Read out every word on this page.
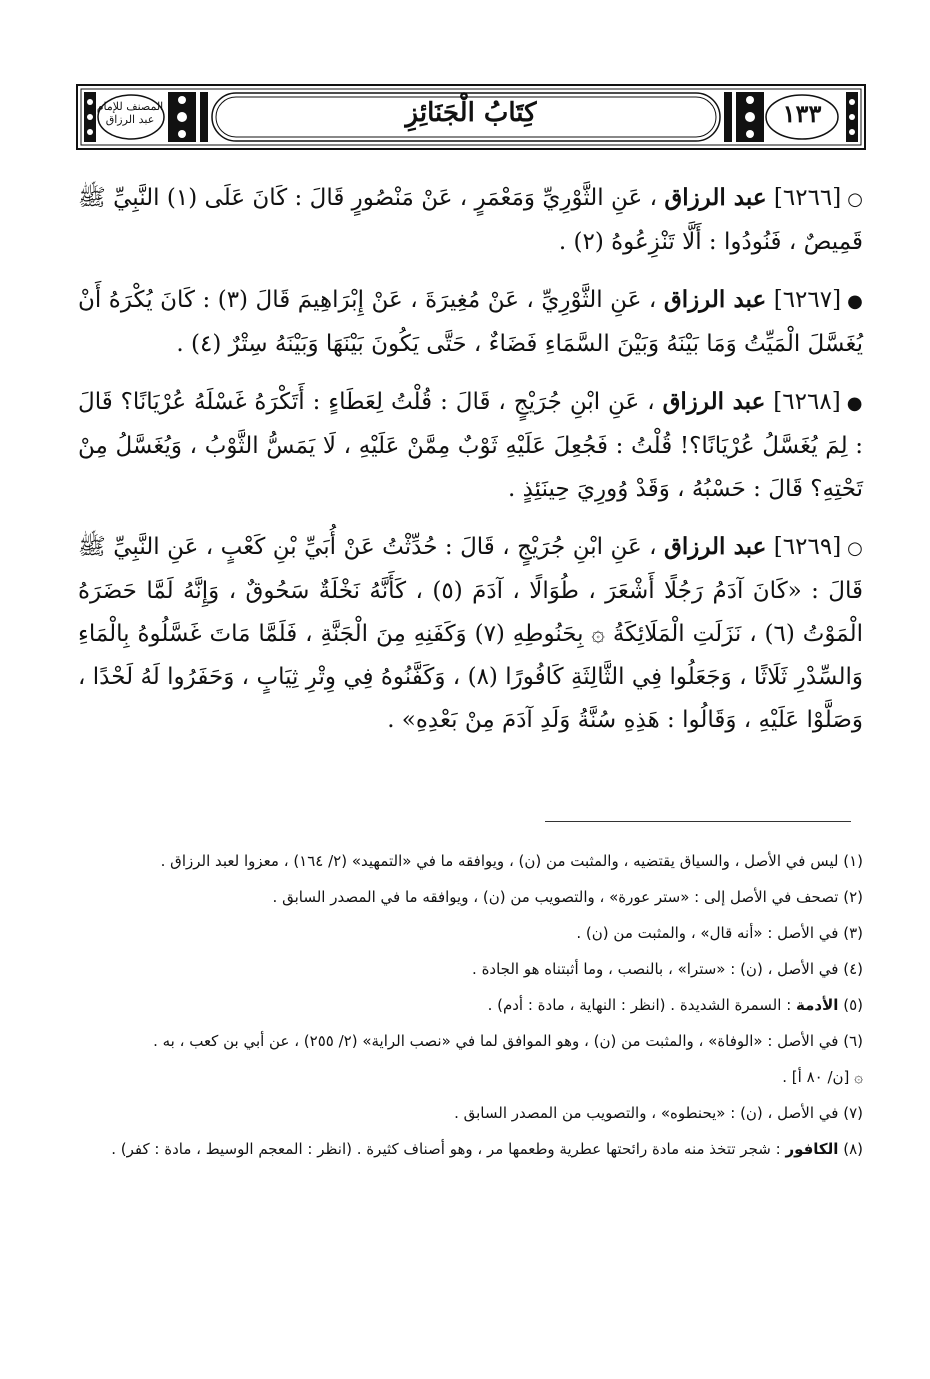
كِتَابُ الْجَنَائِزِ	١٣٣
المصنف للإمام عبد الرزاق

○[٦٢٦٦] عبد الرزاق ، عَنِ الثَّوْرِيِّ وَمَعْمَرٍ ، عَنْ مَنْصُورٍ قَالَ : كَانَ عَلَى (١) النَّبِيِّ ﷺ قَمِيصٌ ، فَنُودُوا : أَلَّا تَنْزِعُوهُ (٢) .

●[٦٢٦٧] عبد الرزاق ، عَنِ الثَّوْرِيِّ ، عَنْ مُغِيرَةَ ، عَنْ إِبْرَاهِيمَ قَالَ (٣) : كَانَ يُكْرَهُ أَنْ يُغَسَّلَ الْمَيِّتُ وَمَا بَيْنَهُ وَبَيْنَ السَّمَاءِ فَضَاءٌ ، حَتَّى يَكُونَ بَيْنَهَا وَبَيْنَهُ سِتْرٌ (٤) .

●[٦٢٦٨] عبد الرزاق ، عَنِ ابْنِ جُرَيْجٍ ، قَالَ : قُلْتُ لِعَطَاءٍ : أَتَكْرَهُ غَسْلَهُ عُرْيَانًا؟ قَالَ : لِمَ يُغَسَّلُ عُرْيَانًا؟! قُلْتُ : فَجُعِلَ عَلَيْهِ ثَوْبٌ مِمَّنْ عَلَيْهِ ، لَا يَمَسُّ الثَّوْبُ ، وَيُغَسَّلُ مِنْ تَحْتِهِ؟ قَالَ : حَسْبُهُ ، وَقَدْ وُورِيَ حِينَئِذٍ .

○[٦٢٦٩] عبد الرزاق ، عَنِ ابْنِ جُرَيْجٍ ، قَالَ : حُدِّثْتُ عَنْ أُبَيِّ بْنِ كَعْبٍ ، عَنِ النَّبِيِّ ﷺ قَالَ : «كَانَ آدَمُ رَجُلًا أَشْعَرَ ، طُوَالًا ، آدَمَ (٥) ، كَأَنَّهُ نَخْلَةٌ سَحُوقٌ ، وَإِنَّهُ لَمَّا حَضَرَهُ الْمَوْتُ (٦) ، نَزَلَتِ الْمَلَائِكَةُ ۞ بِحَنُوطِهِ (٧) وَكَفَنِهِ مِنَ الْجَنَّةِ ، فَلَمَّا مَاتَ غَسَّلُوهُ بِالْمَاءِ وَالسِّدْرِ ثَلَاثًا ، وَجَعَلُوا فِي الثَّالِثَةِ كَافُورًا (٨) ، وَكَفَّنُوهُ فِي وِتْرِ ثِيَابٍ ، وَحَفَرُوا لَهُ لَحْدًا ، وَصَلَّوْا عَلَيْهِ ، وَقَالُوا : هَذِهِ سُنَّةُ وَلَدِ آدَمَ مِنْ بَعْدِهِ» .

(١) ليس في الأصل ، والسياق يقتضيه ، والمثبت من (ن) ، ويوافقه ما في «التمهيد» (٢/ ١٦٤) ، معزوا لعبد الرزاق .

(٢) تصحف في الأصل إلى : «ستر عورة» ، والتصويب من (ن) ، ويوافقه ما في المصدر السابق .

(٣) في الأصل : «أنه قال» ، والمثبت من (ن) .

(٤) في الأصل ، (ن) : «سترا» ، بالنصب ، وما أثبتناه هو الجادة .

(٥) الأدمة : السمرة الشديدة . (انظر : النهاية ، مادة : أدم) .

(٦) في الأصل : «الوفاة» ، والمثبت من (ن) ، وهو الموافق لما في «نصب الراية» (٢/ ٢٥٥) ، عن أبي بن كعب ، به .

۞ [ن/ ٨٠ أ] .

(٧) في الأصل ، (ن) : «يحنطوه» ، والتصويب من المصدر السابق .

(٨) الكافور : شجر تتخذ منه مادة رائحتها عطرية وطعمها مر ، وهو أصناف كثيرة . (انظر : المعجم الوسيط ، مادة : كفر) .
